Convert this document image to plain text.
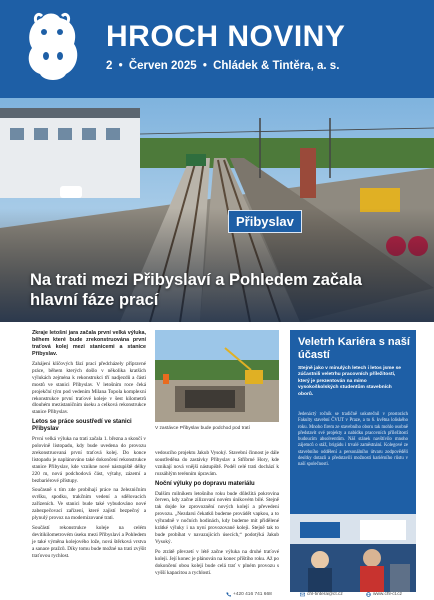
HROCH NOVINY
2 • Červen 2025 • Chládek & Tintěra, a. s.
Přibyslav
Na trati mezi Přibyslaví a Pohledem začala hlavní fáze prací

Zkraje letošní jara začala první velká výluka, během které bude zrekonstruována první traťová kolej mezi stanicemi a stanice Přibyslav.

Zahájení klíčových fází prací předcházely přípravné práce, během kterých došlo v několika kratších výlukách zejména k rekonstrukci tří nadjezdů a části mostů ve stanici Přibyslav. V letošním roce čeká projekční tým pod vedením Milana Topola komplexní rekonstrukce první traťové koleje v šest kilometrů dlouhém mezistaničním úseku a celková rekonstrukce stanice Přibyslav.

Letos se práce soustředí ve stanici Přibyslav

První velká výluka na trati začala 1. března a skončí v polovině listopadu, kdy bude uvedena do provozu zrekonstruovaná první traťová kolej. Do konce listopadu je naplánováno také dokončení rekonstrukce stanice Přibyslav, kde vznikne nové nástupiště délky 220 m, nová podchodová část, výtahy, zázemí a bezbariérové přístupy.

Současně s tím zde probíhají práce na železničním svršku, spodku, trakčním vedení a sdělovacích zařízeních. Ve stanici bude také vybudováno nové zabezpečovací zařízení, které zajistí bezpečný a plynulý provoz na modernizované trati.

Součástí rekonstrukce koleje na celém devítikilometrovém úseku mezi Přibyslaví a Pohledem je také výměna kolejového lože, nová štěrková vrstva a sanace pražců. Díky tomu bude možné na trati zvýšit traťovou rychlost.

V zastávce Přibyslav bude podchod pod tratí

vedoucího projektu Jakub Vysoký. Stavební činnost je dále soustředěna do zastávky Přibyslav a Stříbrné Hory, kde vznikají nová vnější nástupiště. Podél celé trati dochází k rozsáhlým terénním úpravám.

Noční výluky po dopravu materiálu

Dalším milníkem letošního roku bude důležitá pokrovina červen, kdy začne zilizovaní novém únikovém bilé. Stejně tak dojde ke zprovoznění nových kolejí a převedení provozu. „Nezdarsi čekatků budeme provádět vapkou, a to výhradně v nočních hodinách, kdy budeme mít přidělené krátké výluky i na nyní provozované koleji. Stejně tak to bude probíhat v navazujících úsecích,“ podotýká Jakub Vysoký.

Po ztrátě převzetí v létě začne výluka na druhé traťové koleji. Její konec je plánován na konec příštího roku. Až po dokončení obou kolejí bude celá trať v plném provozu s vyšší kapacitou a rychlostí.

Veletrh Kariéra s naší účastí
Stejně jako v minulých letech i letos jsme se zúčastnili veletrhu pracovních příležitostí, který je prezentován na mimo vysokoškolských studentům stavebních oborů.
Jedenáctý ročník se tradičně uskutečnil v prostorách Fakulty stavební ČVUT v Praze, a to 6. května loňského roku. Mnoho firem ze stavebního oboru tak mohlo osobně představit své projekty a nabídku pracovních příležitostí budoucím absolventům. Náš stánek navštívilo mnoho zájemců o stáž, brigádu i trvalé zaměstnání. Kolegové ze stavebního oddělení a personálního útvaru zodpověděli desítky dotazů a představili možnosti kariérního růstu v naší společnosti.
+420 416 741 668	chl-tintera@ct.cz	www.chl-ct.cz
